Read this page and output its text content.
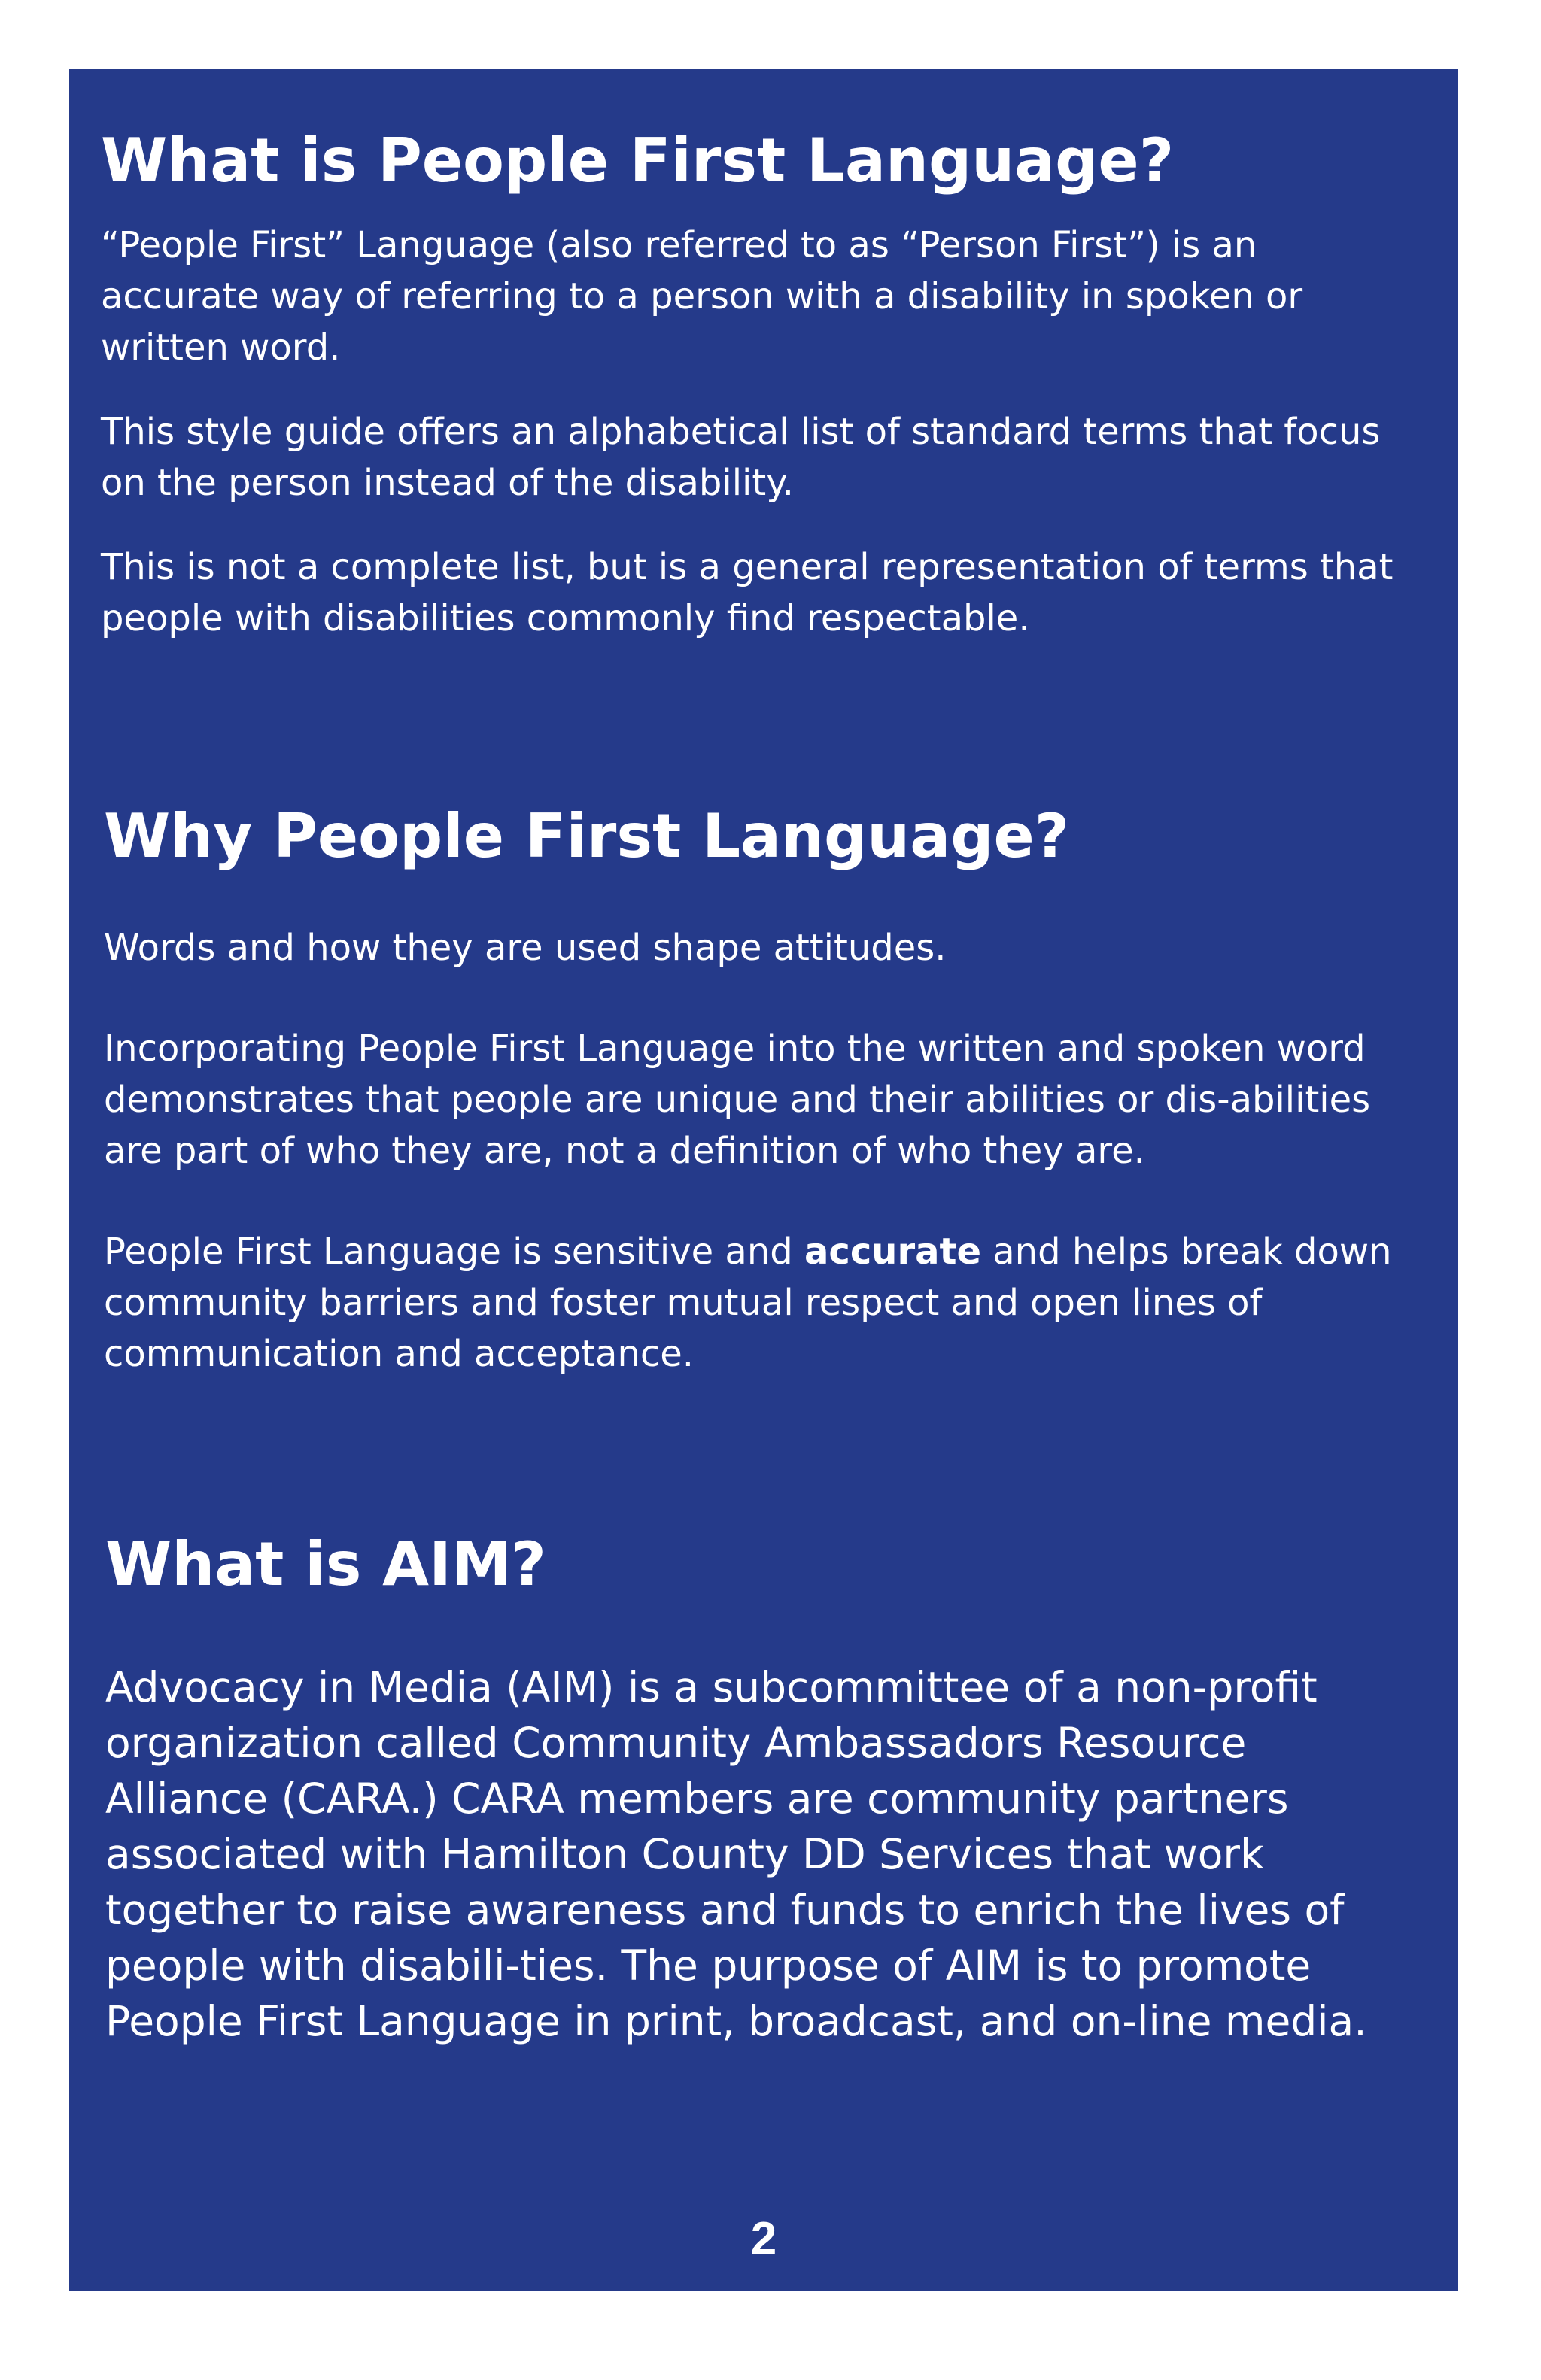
What is People First Language?

“People First” Language (also referred to as “Person First”) is an accurate way of referring to a person with a disability in spoken or written word.

This style guide offers an alphabetical list of standard terms that focus on the person instead of the disability.

This is not a complete list, but is a general representation of terms that people with disabilities commonly find respectable.

Why People First Language?

Words and how they are used shape attitudes.

Incorporating People First Language into the written and spoken word demonstrates that people are unique and their abilities or dis-abilities are part of who they are, not a definition of who they are.

People First Language is sensitive and accurate and helps break down community barriers and foster mutual respect and open lines of communication and acceptance.

What is AIM?

Advocacy in Media (AIM) is a subcommittee of a non-profit organization called Community Ambassadors Resource Alliance (CARA.) CARA members are community partners associated with Hamilton County DD Services that work together to raise awareness and funds to enrich the lives of people with disabili-ties. The purpose of AIM is to promote People First Language in print, broadcast, and on-line media.

2
